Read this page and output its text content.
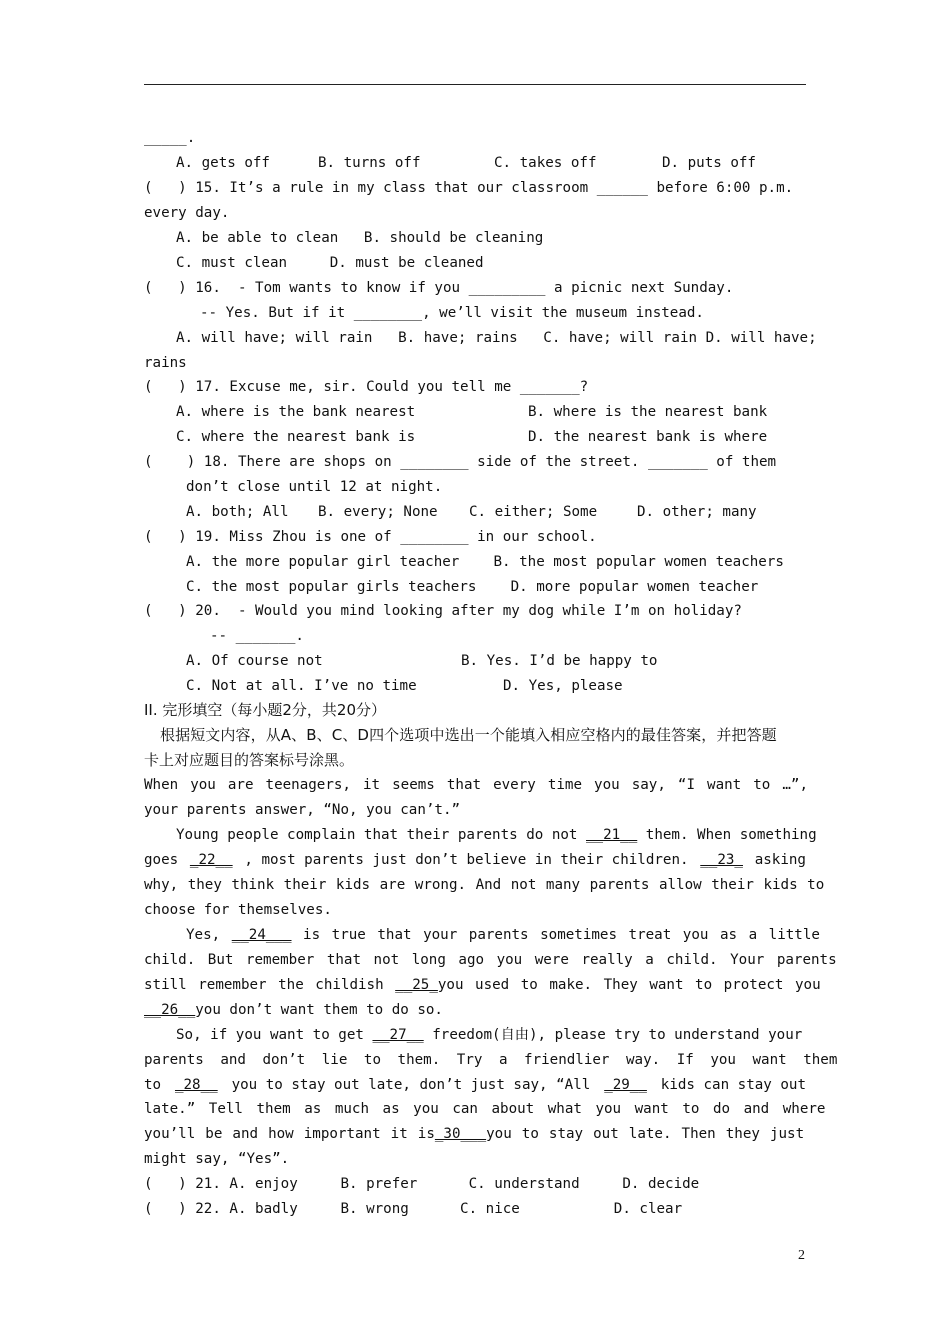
_____.
A. gets off	B. turns off	C. takes off	D. puts off
(   ) 15. It’s a rule in my class that our classroom ______ before 6:00 p.m.
every day.
A. be able to clean   B. should be cleaning
C. must clean     D. must be cleaned
(   ) 16.  - Tom wants to know if you _________ a picnic next Sunday.
-- Yes. But if it ________, we’ll visit the museum instead.
A. will have; will rain   B. have; rains   C. have; will rain D. will have;
rains
(   ) 17. Excuse me, sir. Could you tell me _______?
A. where is the bank nearest	B. where is the nearest bank
C. where the nearest bank is	D. the nearest bank is where
(    ) 18. There are shops on ________ side of the street. _______ of them
don’t close until 12 at night.
A. both; All B. every; None C. either; Some	D. other; many
(   ) 19. Miss Zhou is one of ________ in our school.
A. the more popular girl teacher    B. the most popular women teachers
C. the most popular girls teachers    D. more popular women teacher
(   ) 20.  - Would you mind looking after my dog while I’m on holiday?
-- _______.
A. Of course not	B. Yes. I’d be happy to
C. Not at all. I’ve no time	D. Yes, please
II. 完形填空（每小题2分，共20分）
根据短文内容，从A、B、C、D四个选项中选出一个能填入相应空格内的最佳答案，并把答题
卡上对应题目的答案标号涂黑。
When you are teenagers, it seems that every time you say, “I want to …”,
your parents answer, “No, you can’t.”
Young people complain that their parents do not __21__ them. When something
goes _22__ , most parents just don’t believe in their children. __23_ asking
why, they think their kids are wrong. And not many parents allow their kids to
choose for themselves.
Yes, __24___ is true that your parents sometimes treat you as a little
child. But remember that not long ago you were really a child. Your parents
still remember the childish __25_you used to make. They want to protect you
__26__you don’t want them to do so.
So, if you want to get __27__ freedom(自由), please try to understand your
parents and don’t lie to them. Try a friendlier way. If you want them
to _28__ you to stay out late, don’t just say, “All _29__ kids can stay out
late.” Tell them as much as you can about what you want to do and where
you’ll be and how important it is_30___you to stay out late. Then they just
might say, “Yes”.
(   ) 21. A. enjoy     B. prefer      C. understand     D. decide
(   ) 22. A. badly     B. wrong      C. nice           D. clear
2
